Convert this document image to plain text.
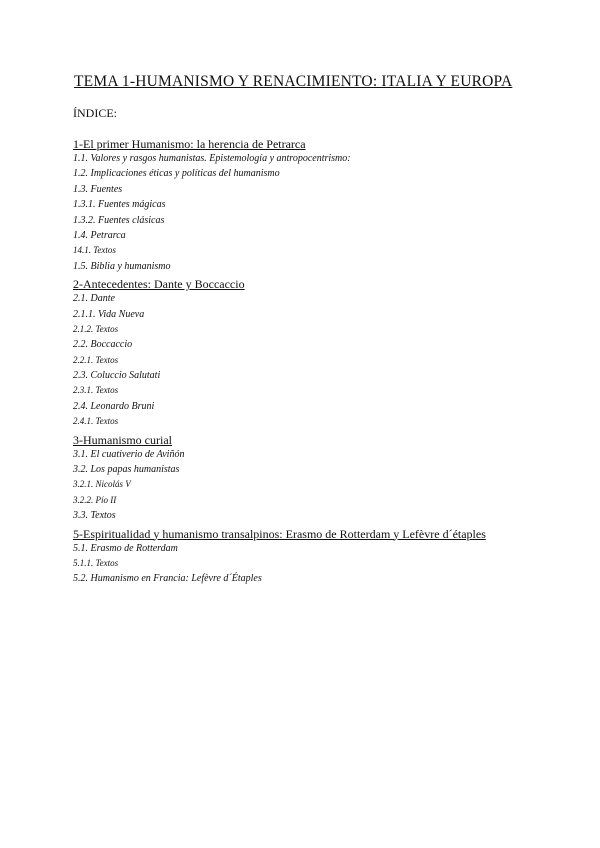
TEMA 1-HUMANISMO Y RENACIMIENTO: ITALIA Y EUROPA
ÍNDICE:
1-El primer Humanismo: la herencia de Petrarca
1.1. Valores y rasgos humanistas. Epistemología y antropocentrismo:
1.2. Implicaciones éticas y políticas del humanismo
1.3. Fuentes
1.3.1. Fuentes mágicas
1.3.2. Fuentes clásicas
1.4. Petrarca
14.1. Textos
1.5. Biblia y humanismo
2-Antecedentes: Dante y Boccaccio
2.1. Dante
2.1.1. Vida Nueva
2.1.2. Textos
2.2. Boccaccio
2.2.1. Textos
2.3. Coluccio Salutati
2.3.1. Textos
2.4. Leonardo Bruni
2.4.1. Textos
3-Humanismo curial
3.1. El cuativerio de Aviñón
3.2. Los papas humanistas
3.2.1. Nicolás V
3.2.2. Pío II
3.3. Textos
5-Espiritualidad y humanismo transalpinos: Erasmo de Rotterdam y Lefèvre d´étaples
5.1. Erasmo de Rotterdam
5.1.1. Textos
5.2. Humanismo en Francia: Lefèvre d´Étaples
